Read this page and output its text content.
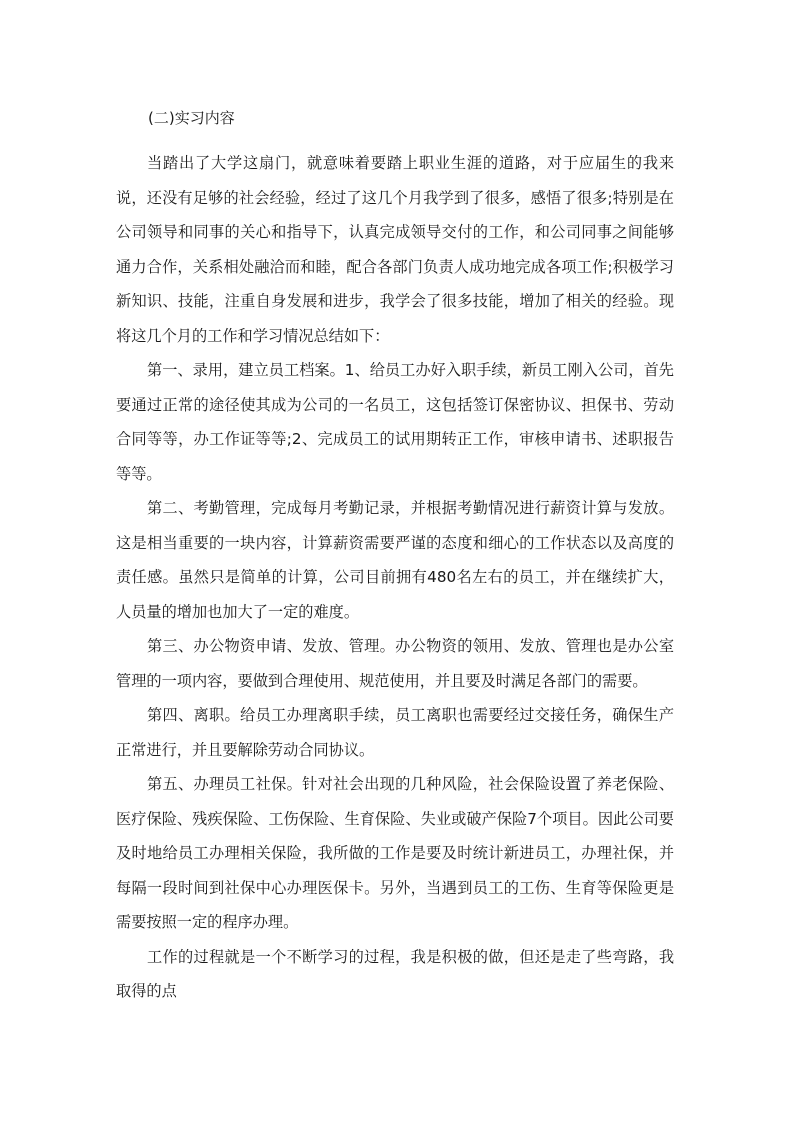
(二)实习内容

当踏出了大学这扇门，就意味着要踏上职业生涯的道路，对于应届生的我来说，还没有足够的社会经验，经过了这几个月我学到了很多，感悟了很多;特别是在公司领导和同事的关心和指导下，认真完成领导交付的工作，和公司同事之间能够通力合作，关系相处融洽而和睦，配合各部门负责人成功地完成各项工作;积极学习新知识、技能，注重自身发展和进步，我学会了很多技能，增加了相关的经验。现将这几个月的工作和学习情况总结如下：

第一、录用，建立员工档案。1、给员工办好入职手续，新员工刚入公司，首先要通过正常的途径使其成为公司的一名员工，这包括签订保密协议、担保书、劳动合同等等，办工作证等等;2、完成员工的试用期转正工作，审核申请书、述职报告等等。

第二、考勤管理，完成每月考勤记录，并根据考勤情况进行薪资计算与发放。这是相当重要的一块内容，计算薪资需要严谨的态度和细心的工作状态以及高度的责任感。虽然只是简单的计算，公司目前拥有480名左右的员工，并在继续扩大，人员量的增加也加大了一定的难度。

第三、办公物资申请、发放、管理。办公物资的领用、发放、管理也是办公室管理的一项内容，要做到合理使用、规范使用，并且要及时满足各部门的需要。

第四、离职。给员工办理离职手续，员工离职也需要经过交接任务，确保生产正常进行，并且要解除劳动合同协议。

第五、办理员工社保。针对社会出现的几种风险，社会保险设置了养老保险、医疗保险、残疾保险、工伤保险、生育保险、失业或破产保险7个项目。因此公司要及时地给员工办理相关保险，我所做的工作是要及时统计新进员工，办理社保，并每隔一段时间到社保中心办理医保卡。另外，当遇到员工的工伤、生育等保险更是需要按照一定的程序办理。

工作的过程就是一个不断学习的过程，我是积极的做，但还是走了些弯路，我取得的点
